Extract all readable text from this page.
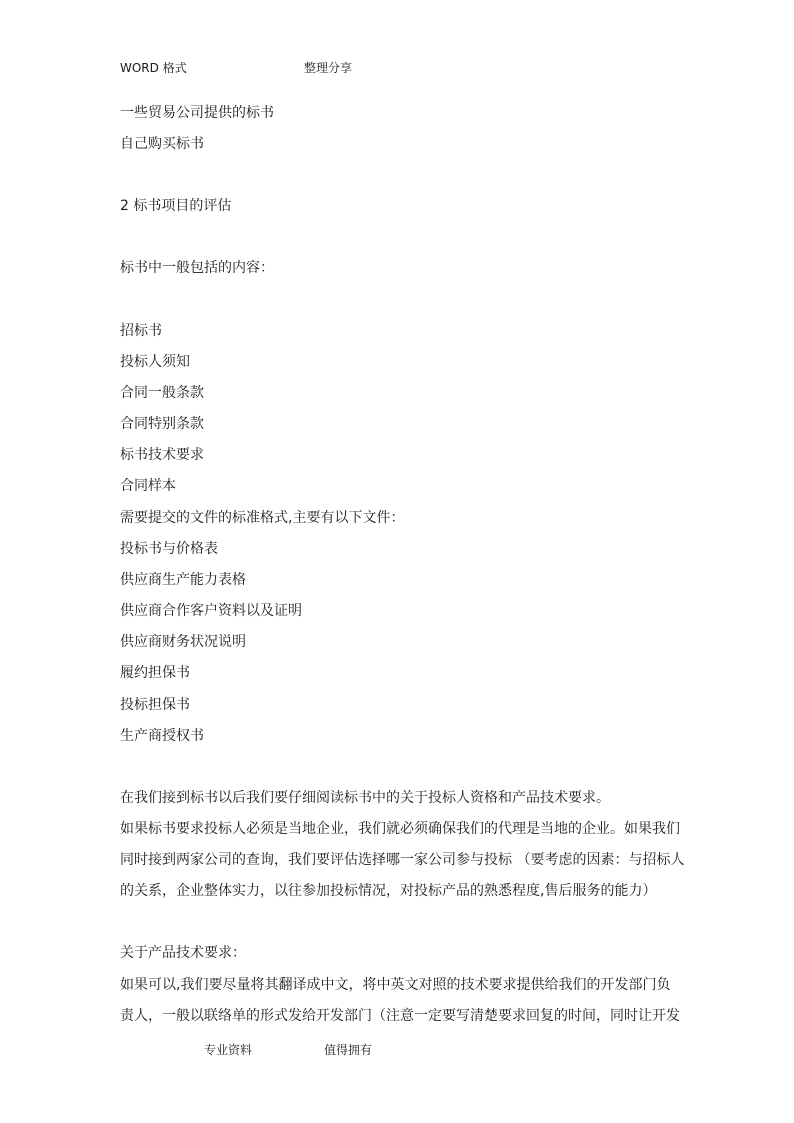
WORD 格式	整理分享
一些贸易公司提供的标书
自己购买标书
2 标书项目的评估
标书中一般包括的内容：
招标书
投标人须知
合同一般条款
合同特别条款
标书技术要求
合同样本
需要提交的文件的标准格式,主要有以下文件：
投标书与价格表
供应商生产能力表格
供应商合作客户资料以及证明
供应商财务状况说明
履约担保书
投标担保书
生产商授权书
在我们接到标书以后我们要仔细阅读标书中的关于投标人资格和产品技术要求。
如果标书要求投标人必须是当地企业，我们就必须确保我们的代理是当地的企业。如果我们
同时接到两家公司的查询，我们要评估选择哪一家公司参与投标 （要考虑的因素：与招标人
的关系，企业整体实力，以往参加投标情况，对投标产品的熟悉程度,售后服务的能力）
关于产品技术要求：
如果可以,我们要尽量将其翻译成中文，将中英文对照的技术要求提供给我们的开发部门负
责人，一般以联络单的形式发给开发部门（注意一定要写清楚要求回复的时间，同时让开发
专业资料	值得拥有
